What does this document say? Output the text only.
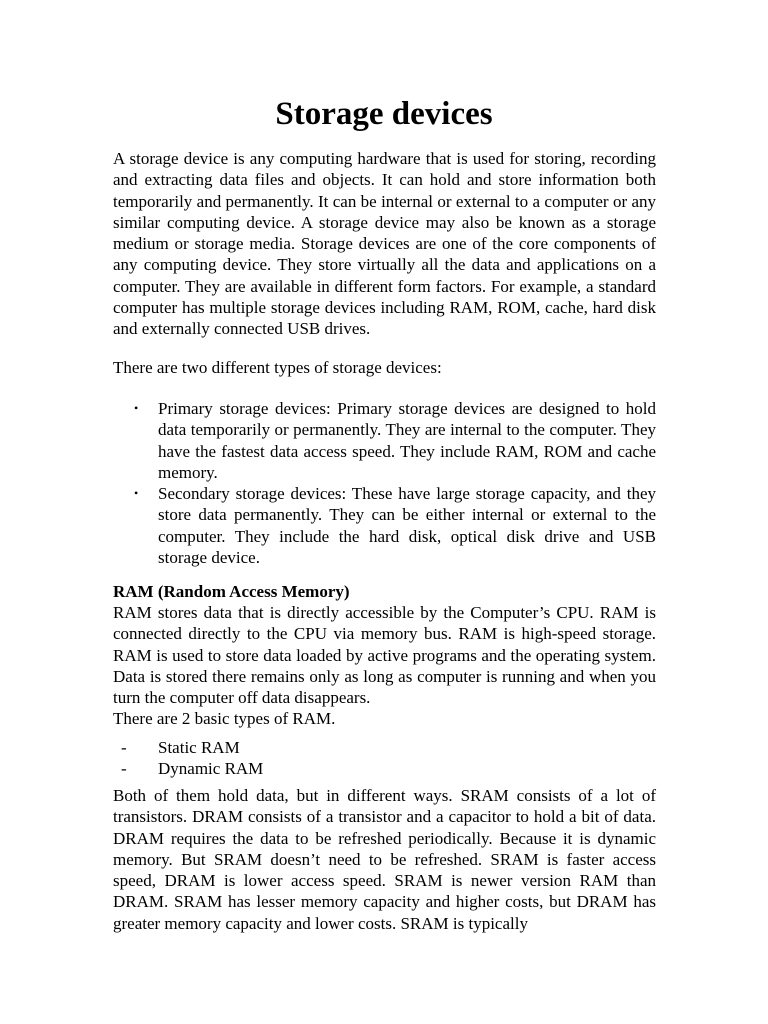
Storage devices

A storage device is any computing hardware that is used for storing, recording and extracting data files and objects. It can hold and store information both temporarily and permanently. It can be internal or external to a computer or any similar computing device. A storage device may also be known as a storage medium or storage media. Storage devices are one of the core components of any computing device. They store virtually all the data and applications on a computer. They are available in different form factors. For example, a standard computer has multiple storage devices including RAM, ROM, cache, hard disk and externally connected USB drives.

There are two different types of storage devices:

• Primary storage devices: Primary storage devices are designed to hold data temporarily or permanently. They are internal to the computer. They have the fastest data access speed. They include RAM, ROM and cache memory.
• Secondary storage devices: These have large storage capacity, and they store data permanently. They can be either internal or external to the computer. They include the hard disk, optical disk drive and USB storage device.

RAM (Random Access Memory)

RAM stores data that is directly accessible by the Computer’s CPU. RAM is connected directly to the CPU via memory bus. RAM is high-speed storage. RAM is used to store data loaded by active programs and the operating system. Data is stored there remains only as long as computer is running and when you turn the computer off data disappears.

There are 2 basic types of RAM.

- Static RAM
- Dynamic RAM

Both of them hold data, but in different ways. SRAM consists of a lot of transistors. DRAM consists of a transistor and a capacitor to hold a bit of data. DRAM requires the data to be refreshed periodically. Because it is dynamic memory. But SRAM doesn’t need to be refreshed. SRAM is faster access speed, DRAM is lower access speed. SRAM is newer version RAM than DRAM. SRAM has lesser memory capacity and higher costs, but DRAM has greater memory capacity and lower costs. SRAM is typically
